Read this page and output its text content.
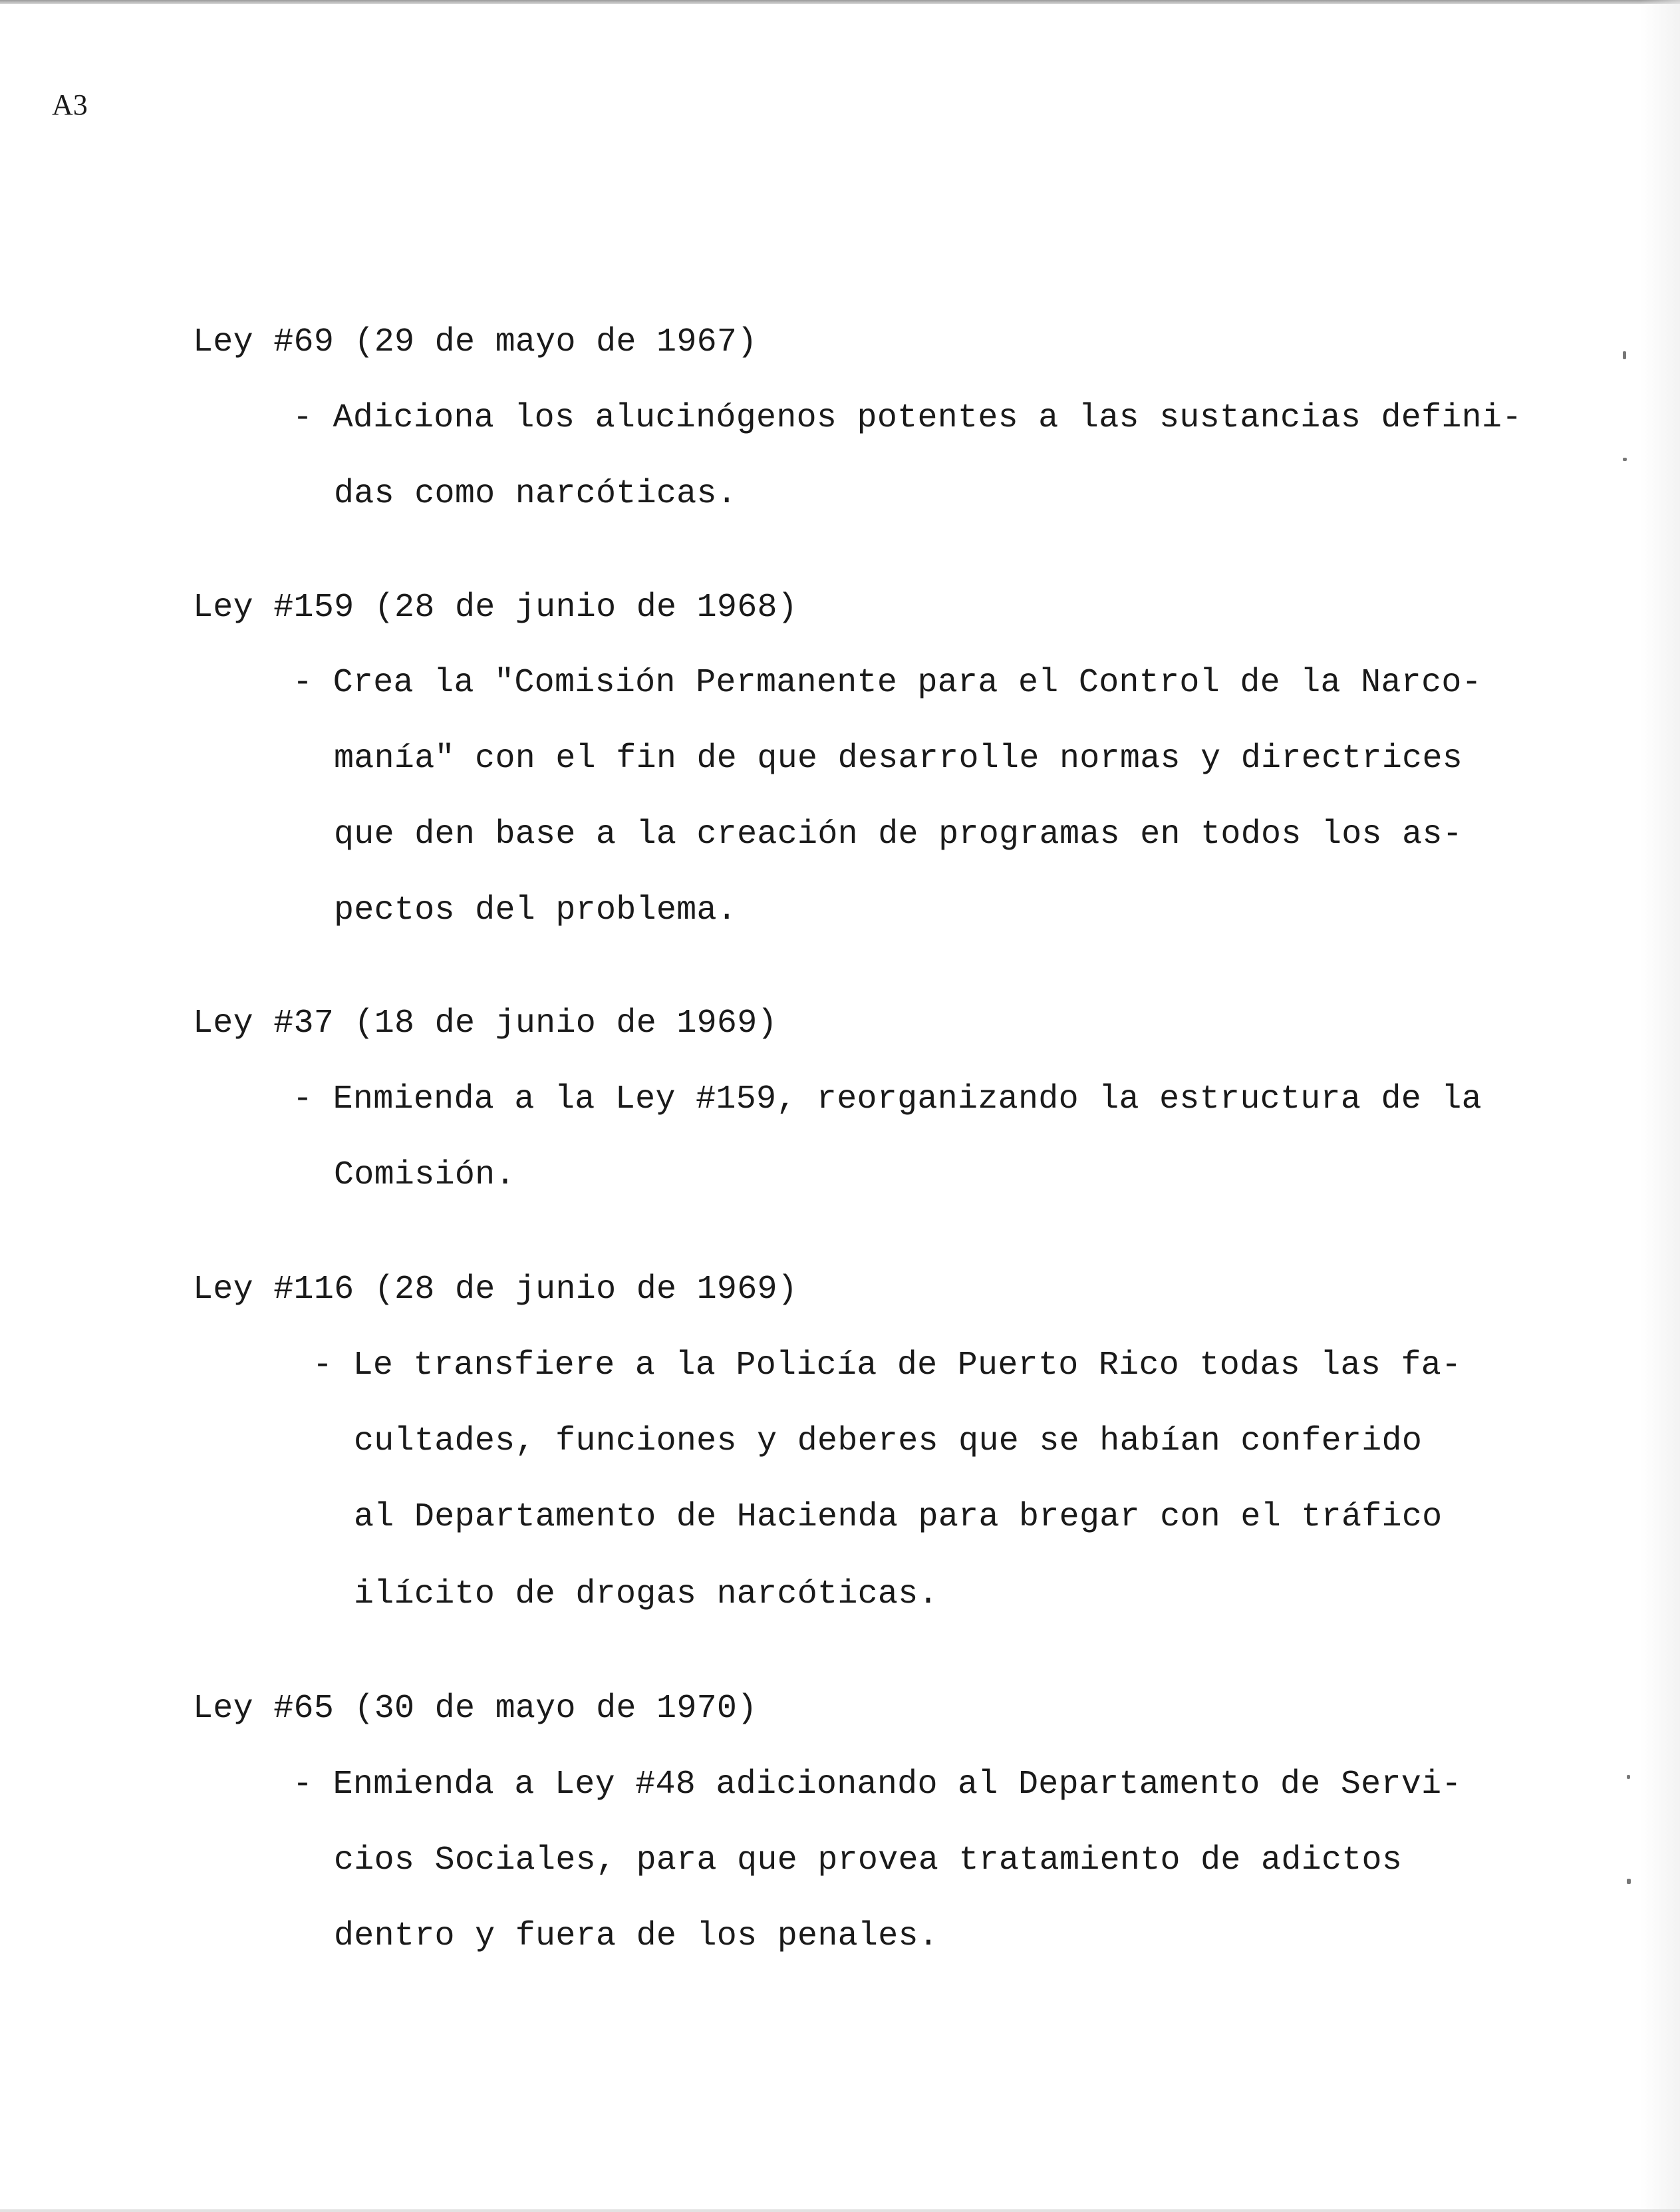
A3
Ley #69 (29 de mayo de 1967)
- Adiciona los alucinógenos potentes a las sustancias defini-
das como narcóticas.
Ley #159 (28 de junio de 1968)
- Crea la "Comisión Permanente para el Control de la Narco-
manía" con el fin de que desarrolle normas y directrices
que den base a la creación de programas en todos los as-
pectos del problema.
Ley #37 (18 de junio de 1969)
- Enmienda a la Ley #159, reorganizando la estructura de la
Comisión.
Ley #116 (28 de junio de 1969)
- Le transfiere a la Policía de Puerto Rico todas las fa-
cultades, funciones y deberes que se habían conferido
al Departamento de Hacienda para bregar con el tráfico
ilícito de drogas narcóticas.
Ley #65 (30 de mayo de 1970)
- Enmienda a Ley #48 adicionando al Departamento de Servi-
cios Sociales, para que provea tratamiento de adictos
dentro y fuera de los penales.
